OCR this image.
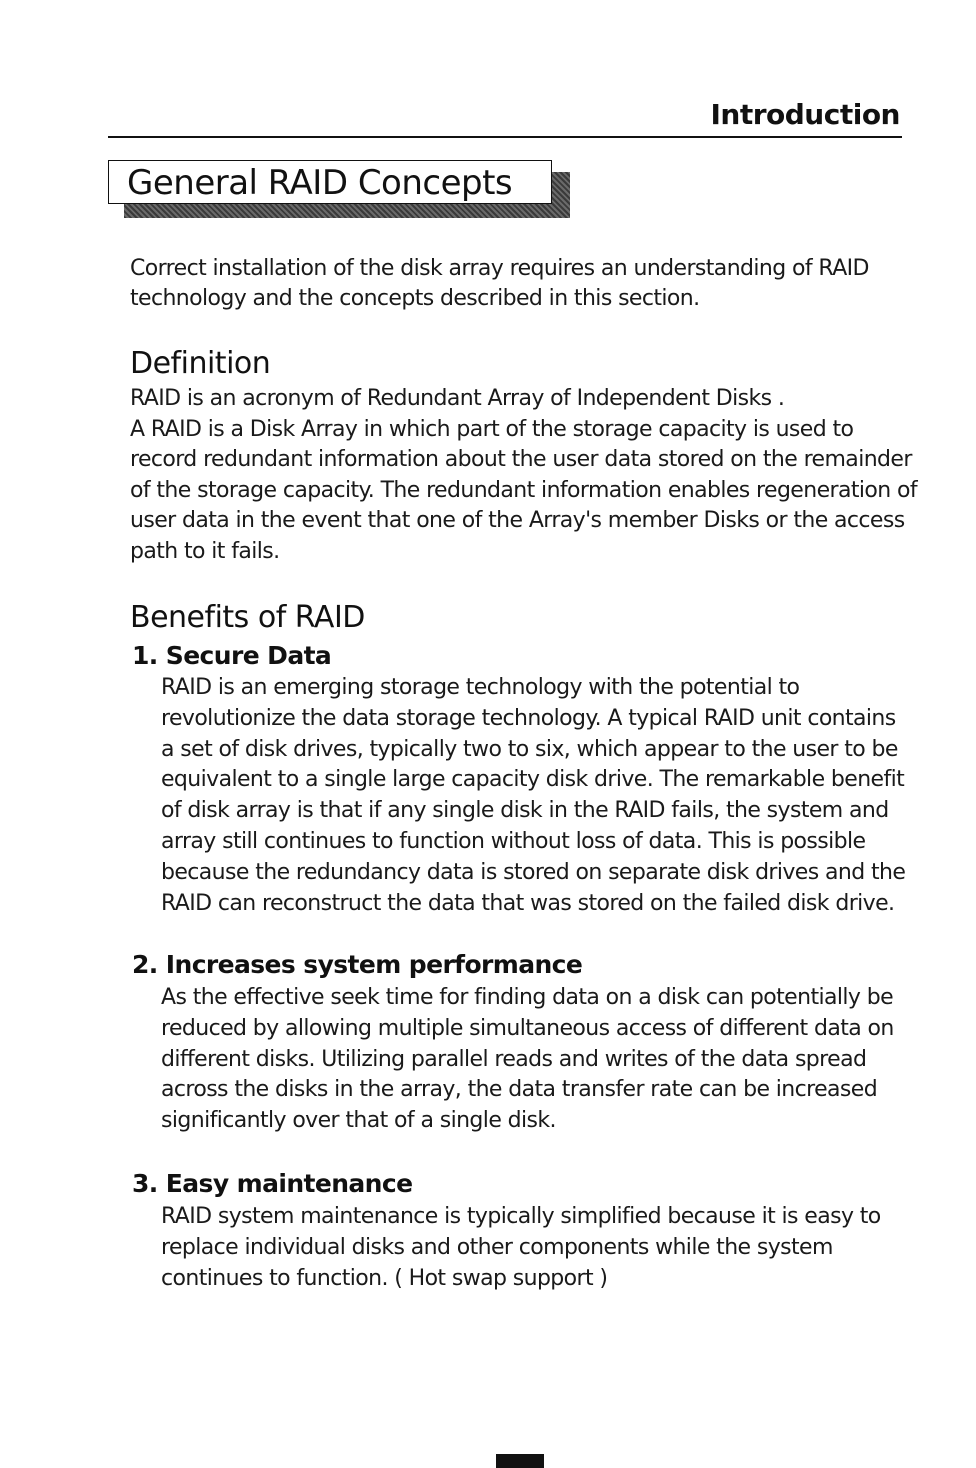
Introduction
General RAID Concepts
Correct installation of the disk array requires an understanding of RAID technology and the concepts described in this section.
Definition

RAID is an acronym of Redundant Array of Independent Disks .

A RAID is a Disk Array in which part of the storage capacity is used to record redundant information about the user data stored on the remainder of the storage capacity. The redundant information enables regeneration of user data in the event that one of the Array's member Disks or the access path to it fails.

Benefits of RAID
1. Secure Data
RAID is an emerging storage technology with the potential to revolutionize the data storage technology. A typical RAID unit contains a set of disk drives, typically two to six, which appear to the user to be equivalent to a single large capacity disk drive. The remarkable benefit of disk array is that if any single disk in the RAID fails, the system and array still continues to function without loss of data. This is possible because the redundancy data is stored on separate disk drives and the RAID can reconstruct the data that was stored on the failed disk drive.
2. Increases system performance
As the effective seek time for finding data on a disk can potentially be reduced by allowing multiple simultaneous access of different data on different disks. Utilizing parallel reads and writes of the data spread across the disks in the array, the data transfer rate can be increased significantly over that of a single disk.
3. Easy maintenance
RAID system maintenance is typically simplified because it is easy to replace individual disks and other components while the system continues to function. ( Hot swap support )
